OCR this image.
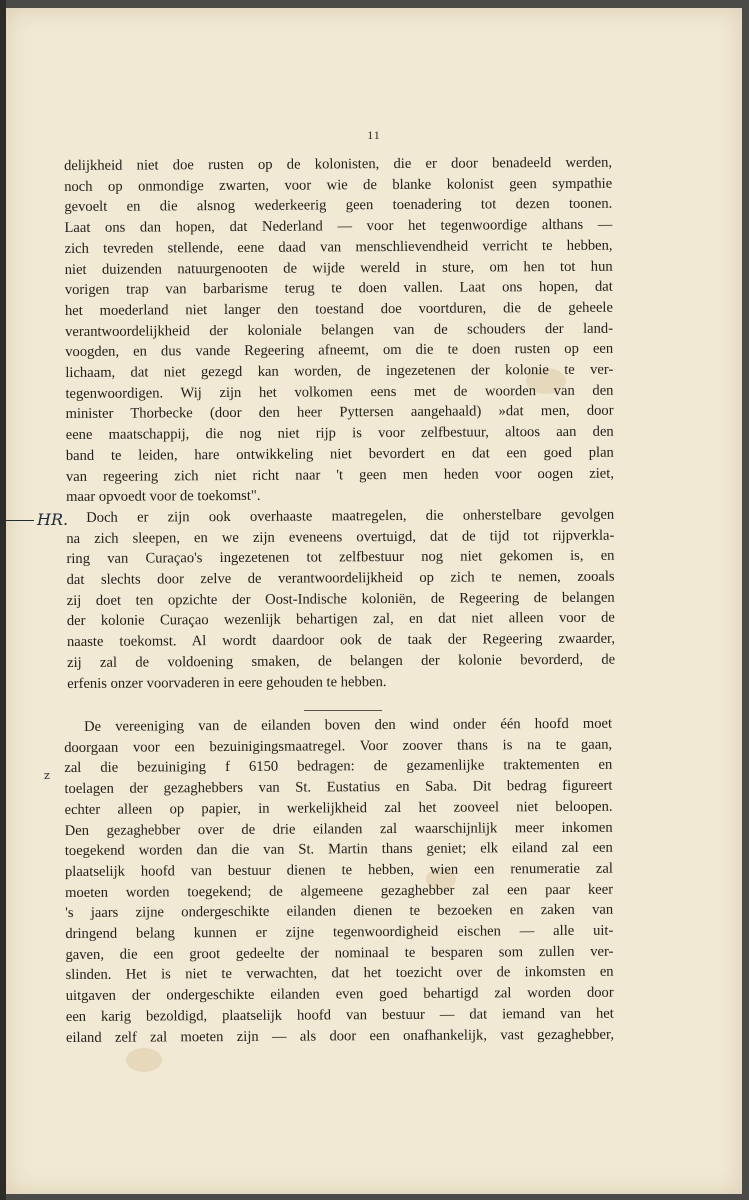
11
delijkheid niet doe rusten op de kolonisten, die er door benadeeld werden,
noch op onmondige zwarten, voor wie de blanke kolonist geen sympathie
gevoelt en die alsnog wederkeerig geen toenadering tot dezen toonen.
Laat ons dan hopen, dat Nederland — voor het tegenwoordige althans —
zich tevreden stellende, eene daad van menschlievendheid verricht te hebben,
niet duizenden natuurgenooten de wijde wereld in sture, om hen tot hun
vorigen trap van barbarisme terug te doen vallen. Laat ons hopen, dat
het moederland niet langer den toestand doe voortduren, die de geheele
verantwoordelijkheid der koloniale belangen van de schouders der land-
voogden, en dus vande Regeering afneemt, om die te doen rusten op een
lichaam, dat niet gezegd kan worden, de ingezetenen der kolonie te ver-
tegenwoordigen. Wij zijn het volkomen eens met de woorden van den
minister Thorbecke (door den heer Pyttersen aangehaald) »dat men, door
eene maatschappij, die nog niet rijp is voor zelfbestuur, altoos aan den
band te leiden, hare ontwikkeling niet bevordert en dat een goed plan
van regeering zich niet richt naar 't geen men heden voor oogen ziet,
maar opvoedt voor de toekomst".
Doch er zijn ook overhaaste maatregelen, die onherstelbare gevolgen
na zich sleepen, en we zijn eveneens overtuigd, dat de tijd tot rijpverkla-
ring van Curaçao's ingezetenen tot zelfbestuur nog niet gekomen is, en
dat slechts door zelve de verantwoordelijkheid op zich te nemen, zooals
zij doet ten opzichte der Oost-Indische koloniën, de Regeering de belangen
der kolonie Curaçao wezenlijk behartigen zal, en dat niet alleen voor de
naaste toekomst. Al wordt daardoor ook de taak der Regeering zwaarder,
zij zal de voldoening smaken, de belangen der kolonie bevorderd, de
erfenis onzer voorvaderen in eere gehouden te hebben.
De vereeniging van de eilanden boven den wind onder één hoofd moet
doorgaan voor een bezuinigingsmaatregel. Voor zoover thans is na te gaan,
zal die bezuiniging f 6150 bedragen: de gezamenlijke traktementen en
toelagen der gezaghebbers van St. Eustatius en Saba. Dit bedrag figureert
echter alleen op papier, in werkelijkheid zal het zooveel niet beloopen.
Den gezaghebber over de drie eilanden zal waarschijnlijk meer inkomen
toegekend worden dan die van St. Martin thans geniet; elk eiland zal een
plaatselijk hoofd van bestuur dienen te hebben, wien een renumeratie zal
moeten worden toegekend; de algemeene gezaghebber zal een paar keer
's jaars zijne ondergeschikte eilanden dienen te bezoeken en zaken van
dringend belang kunnen er zijne tegenwoordigheid eischen — alle uit-
gaven, die een groot gedeelte der nominaal te besparen som zullen ver-
slinden. Het is niet te verwachten, dat het toezicht over de inkomsten en
uitgaven der ondergeschikte eilanden even goed behartigd zal worden door
een karig bezoldigd, plaatselijk hoofd van bestuur — dat iemand van het
eiland zelf zal moeten zijn — als door een onafhankelijk, vast gezaghebber,
HR.
z
